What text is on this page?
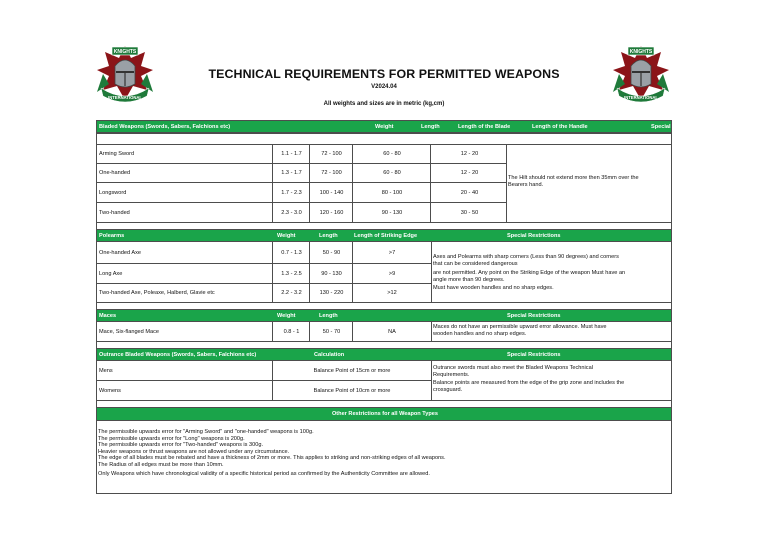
KNIGHTS
INTERNATIONAL
KNIGHTS
INTERNATIONAL
TECHNICAL REQUIREMENTS FOR PERMITTED WEAPONS
V2024.04
All weights and sizes are in metric (kg,cm)
Bladed Weapons (Swords, Sabers, Falchions etc)	Weight	Length	Length of the Blade	Length of the Handle	Special Restrictions
Arming Sword	1.1 - 1.7	72 - 100	60 - 80	12 - 20
One-handed	1.3 - 1.7	72 - 100	60 - 80	12 - 20
Longsword	1.7 - 2.3	100 - 140	80 - 100	20 - 40
Two-handed	2.3 - 3.0	120 - 160	90 - 130	30 - 50
The Hilt should not extend more then 35mm over the
Bearers hand.
Polearms	Weight	Length	Length of Striking Edge	Special Restrictions
One-handed Axe	0.7 - 1.3	50 - 90	>7
Long Axe	1.3 - 2.5	90 - 130	>9
Two-handed Axe, Poleaxe, Halberd, Glavie etc	2.2 - 3.2	130 - 220	>12
Axes and Polearms with sharp corners (Less than 90 degrees) and corners
that can be considered dangerous
are not permitted. Any point on the Striking Edge of the weapon Must have an
angle more than 90 degrees.
Must have wooden handles and no sharp edges.
Maces	Weight	Length	Special Restrictions
Mace, Six-flanged Mace	0.8 - 1	50 - 70	NA
Maces do not have an permissible upward error allowance. Must have
wooden handles and no sharp edges.
Outrance Bladed Weapons (Swords, Sabers, Falchions etc)	Calculation	Special Restrictions
Mens	Balance Point of 15cm or more
Womens	Balance Point of 10cm or more
Outrance swords must also meet the Bladed Weapons Technical
Requirements.
Balance points are measured from the edge of the grip zone and includes the
crossguard.
Other Restrictions for all Weapon Types
The permissible upwards error for "Arming Sword" and "one-handed" weapons is 100g.
The permissible upwards error for "Long" weapons is 200g.
The permissible upwards error for "Two-handed" weapons is 300g.
Heavier weapons or thrust weapons are not allowed under any circumstance.
The edge of all blades must be rebated and have a thickness of 2mm or more. This applies to striking and non-striking edges of all weapons.
The Radius of all edges must be more than 10mm.
Only Weapons which have chronological validity of a specific historical period as confirmed by the Authenticity Committee are allowed.
